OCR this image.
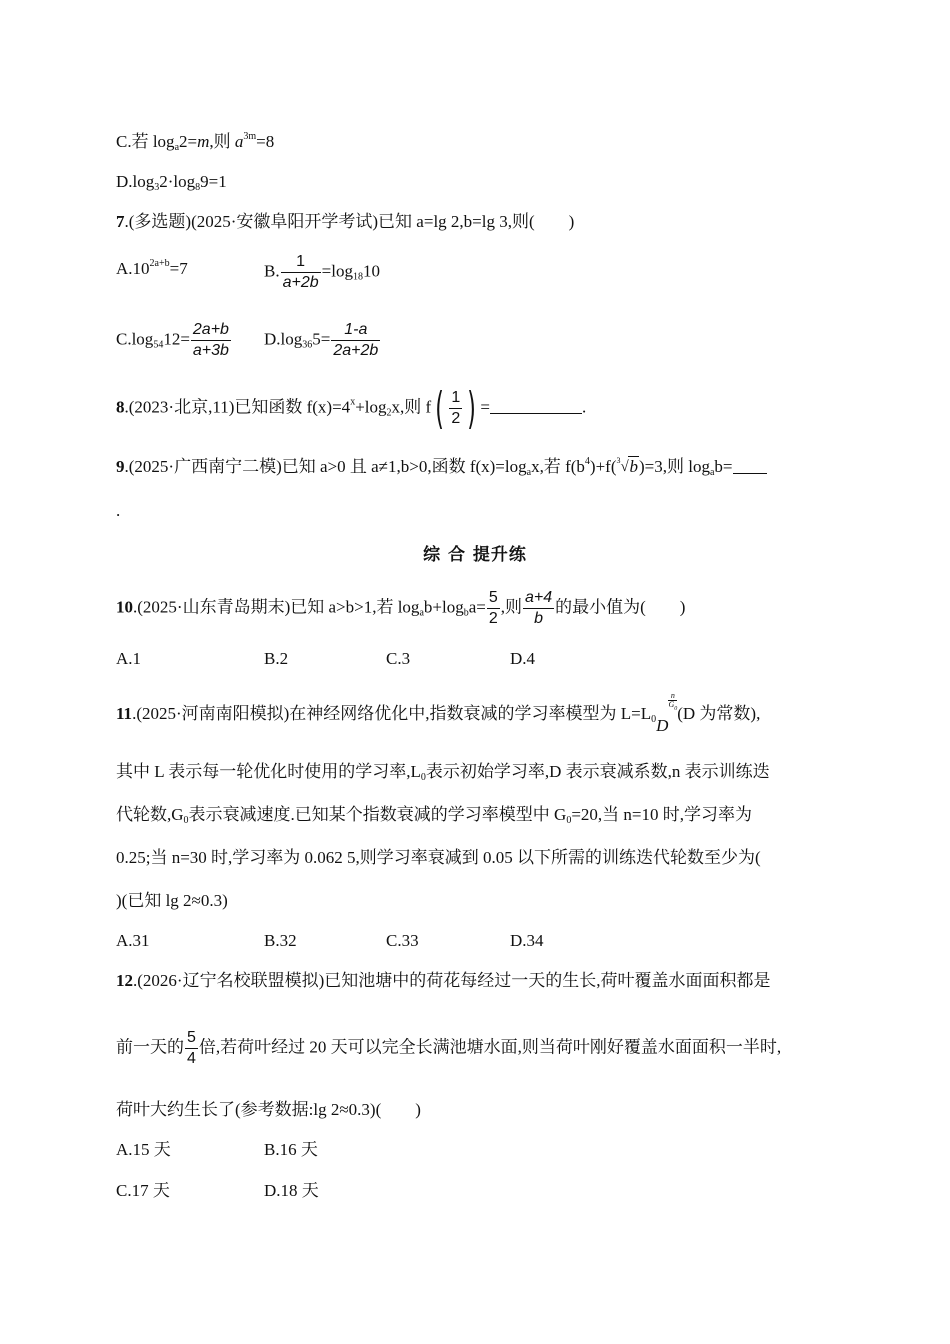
C.若 $\log_a2=m$,则 $a^{3m}=8$
$D.\log_32\cdot\log_89=1$
7.(多选题)(2025·安徽阜阳开学考试)已知 a=lg 2,b=lg 3,则(　　)
$A.10^{2a+b}=7$	B. $\frac{1}{a+2b} =\log_{18}10$
$C.\log_{54}12= \frac{2a+b}{a+3b} D.\log_{36}5= \frac{1-a}{2a+2b}$
8.(2023·北京,11)已知函数 $f(x)=4^x+\log_2x$,则 $f( \frac{1}{2}$ ) =	.
9.(2025·广西南宁二模)已知 a>0 且 a≠1,b>0,函数 $f(x)=\log_ax$,若 $f(b^4)+f$( $^3$√ b)=3,则 $\log_ab=$
.
综 合 提升练
10.(2025·山东青岛期末)已知 a>b>1,若 $\log_ab+\log_ba= \frac{5}{2}$ ,则 $\frac{a+4}{b}$ 的最小值为(　　)
A.1	B.2	C.3	D.4
11.(2025·河南南阳模拟)在神经网络优化中,指数衰减的学习率模型为 $L=L_0D$
$\frac{n}{G_0}$
(D 为常数),
其中 L 表示每一轮优化时使用的学习率$,L_0$表示初始学习率,D 表示衰减系数,n 表示训练迭
代轮数$,G_0$表示衰减速度.已知某个指数衰减的学习率模型中 $G_0=20$,当 n=10 时,学习率为
0.25;当 n=30 时,学习率为 0.062 5,则学习率衰减到 0.05 以下所需的训练迭代轮数至少为(
)(已知 lg 2≈0.3)
A.31	B.32	C.33	D.34
12.(2026·辽宁名校联盟模拟)已知池塘中的荷花每经过一天的生长,荷叶覆盖水面面积都是
前一天的 $\frac{5}{4}$ 倍,若荷叶经过 20 天可以完全长满池塘水面,则当荷叶刚好覆盖水面面积一半时,
荷叶大约生长了(参考数据:lg 2≈0.3)(　　)
A.15 天	B.16 天
C.17 天	D.18 天
